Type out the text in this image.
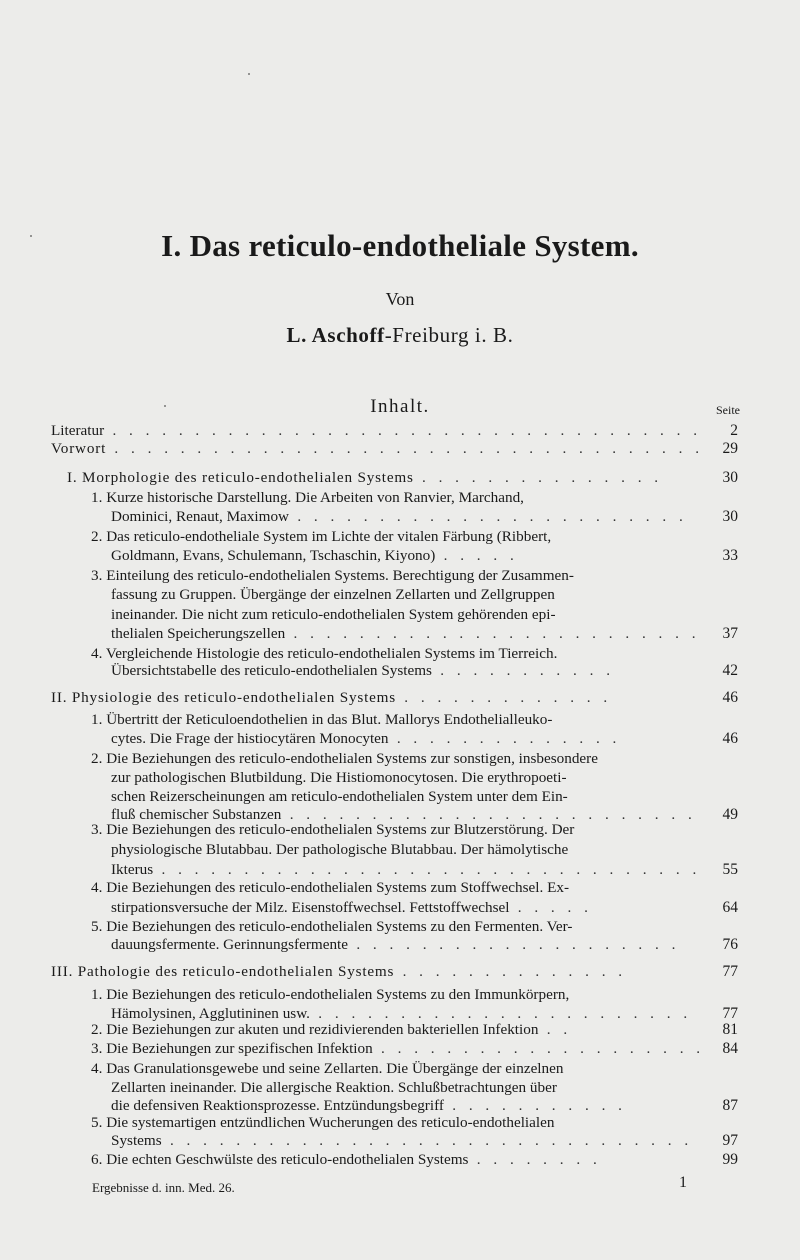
I. Das reticulo-endotheliale System.
Von
L. Aschoff-Freiburg i. B.
Inhalt.	Seite
Literatur . . . . . . . . . . . . . . . . . . . . . . . . . . . . . . . . . . . . 2
Vorwort . . . . . . . . . . . . . . . . . . . . . . . . . . . . . . . . . . . . 29
I. Morphologie des reticulo-endothelialen Systems . . . . . . . . . . . . . . .	30
1. Kurze historische Darstellung. Die Arbeiten von Ranvier, Marchand,
Dominici, Renaut, Maximow . . . . . . . . . . . . . . . . . . . . . . . . 30
2. Das reticulo-endotheliale System im Lichte der vitalen Färbung (Ribbert,
Goldmann, Evans, Schulemann, Tschaschin, Kiyono) . . . . .	33
3. Einteilung des reticulo-endothelialen Systems. Berechtigung der Zusammen-
fassung zu Gruppen. Übergänge der einzelnen Zellarten und Zellgruppen
ineinander. Die nicht zum reticulo-endothelialen System gehörenden epi-
thelialen Speicherungszellen . . . . . . . . . . . . . . . . . . . . . . . . . 37
4. Vergleichende Histologie des reticulo-endothelialen Systems im Tierreich.
Übersichtstabelle des reticulo-endothelialen Systems . . . . . . . . . . .	42
II. Physiologie des reticulo-endothelialen Systems . . . . . . . . . . . . .	46
1. Übertritt der Reticuloendothelien in das Blut. Mallorys Endothelialleuko-
cytes. Die Frage der histiocytären Monocyten . . . . . . . . . . . . . .	46
2. Die Beziehungen des reticulo-endothelialen Systems zur sonstigen, insbesondere
zur pathologischen Blutbildung. Die Histiomonocytosen. Die erythropoeti-
schen Reizerscheinungen am reticulo-endothelialen System unter dem Ein-
fluß chemischer Substanzen . . . . . . . . . . . . . . . . . . . . . . . . . 49
3. Die Beziehungen des reticulo-endothelialen Systems zur Blutzerstörung. Der
physiologische Blutabbau. Der pathologische Blutabbau. Der hämolytische
Ikterus . . . . . . . . . . . . . . . . . . . . . . . . . . . . . . . . . 55
4. Die Beziehungen des reticulo-endothelialen Systems zum Stoffwechsel. Ex-
stirpationsversuche der Milz. Eisenstoffwechsel. Fettstoffwechsel . . . . .	64
5. Die Beziehungen des reticulo-endothelialen Systems zu den Fermenten. Ver-
dauungsfermente. Gerinnungsfermente . . . . . . . . . . . . . . . . . . . .	76
III. Pathologie des reticulo-endothelialen Systems . . . . . . . . . . . . . .	77
1. Die Beziehungen des reticulo-endothelialen Systems zu den Immunkörpern,
Hämolysinen, Agglutininen usw. . . . . . . . . . . . . . . . . . . . . . . . 77
2. Die Beziehungen zur akuten und rezidivierenden bakteriellen Infektion . .	81
3. Die Beziehungen zur spezifischen Infektion . . . . . . . . . . . . . . . . . . . . 84
4. Das Granulationsgewebe und seine Zellarten. Die Übergänge der einzelnen
Zellarten ineinander. Die allergische Reaktion. Schlußbetrachtungen über
die defensiven Reaktionsprozesse. Entzündungsbegriff . . . . . . . . . . .	87
5. Die systemartigen entzündlichen Wucherungen des reticulo-endothelialen
Systems . . . . . . . . . . . . . . . . . . . . . . . . . . . . . . . . 97
6. Die echten Geschwülste des reticulo-endothelialen Systems . . . . . . . .	99
Ergebnisse d. inn. Med. 26.	1
